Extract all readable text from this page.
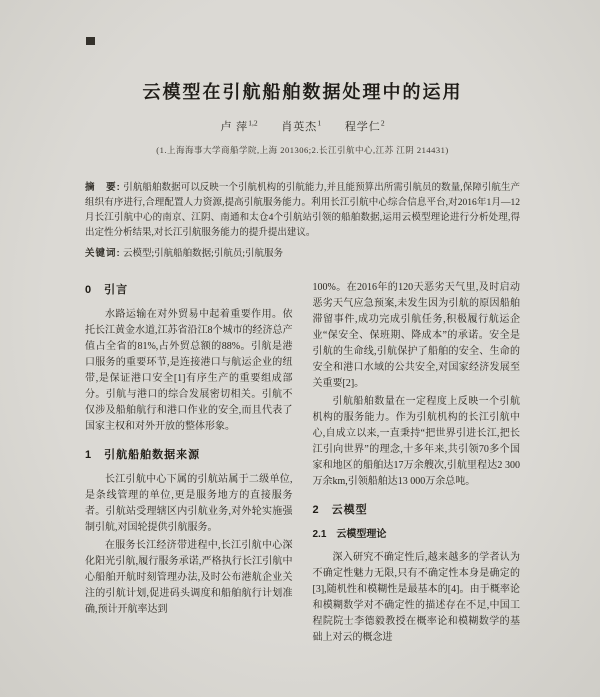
云模型在引航船舶数据处理中的运用
卢 萍$^{1,2}$ 肖英杰$^1$ 程学仁$^2$
(1.上海海事大学商船学院,上海 201306;2.长江引航中心,江苏 江阴 214431)

摘　要: 引航船舶数据可以反映一个引航机构的引航能力,并且能预算出所需引航员的数量,保障引航生产组织有序进行,合理配置人力资源,提高引航服务能力。利用长江引航中心综合信息平台,对2016年1月—12月长江引航中心的南京、江阴、南通和太仓4个引航站引领的船舶数据,运用云模型理论进行分析处理,得出定性分析结果,对长江引航服务能力的提升提出建议。

关键词: 云模型;引航船舶数据;引航员;引航服务

0　引言

水路运输在对外贸易中起着重要作用。依托长江黄金水道,江苏省沿江8个城市的经济总产值占全省的81%,占外贸总额的88%。引航是港口服务的重要环节,是连接港口与航运企业的纽带,是保证港口安全[1]有序生产的重要组成部分。引航与港口的综合发展密切相关。引航不仅涉及船舶航行和港口作业的安全,而且代表了国家主权和对外开放的整体形象。

1　引航船舶数据来源

长江引航中心下属的引航站属于二级单位,是条线管理的单位,更是服务地方的直接服务者。引航站受理辖区内引航业务,对外轮实施强制引航,对国轮提供引航服务。

在服务长江经济带进程中,长江引航中心深化阳光引航,履行服务承诺,严格执行长江引航中心船舶开航时刻管理办法,及时公布港航企业关注的引航计划,促进码头调度和船舶航行计划准确,预计开航率达到

100%。在2016年的120天恶劣天气里,及时启动恶劣天气应急预案,未发生因为引航的原因船舶滞留事件,成功完成引航任务,积极履行航运企业“保安全、保班期、降成本”的承诺。安全是引航的生命线,引航保护了船舶的安全、生命的安全和港口水域的公共安全,对国家经济发展至关重要[2]。

引航船舶数量在一定程度上反映一个引航机构的服务能力。作为引航机构的长江引航中心,自成立以来,一直秉持“把世界引进长江,把长江引向世界”的理念,十多年来,共引领70多个国家和地区的船舶达17万余艘次,引航里程达2 300万余km,引领船舶达13 000万余总吨。

2　云模型
2.1　云模型理论

深入研究不确定性后,越来越多的学者认为不确定性魅力无限,只有不确定性本身是确定的[3],随机性和模糊性是最基本的[4]。由于概率论和模糊数学对不确定性的描述存在不足,中国工程院院士李德毅教授在概率论和模糊数学的基础上对云的概念进
